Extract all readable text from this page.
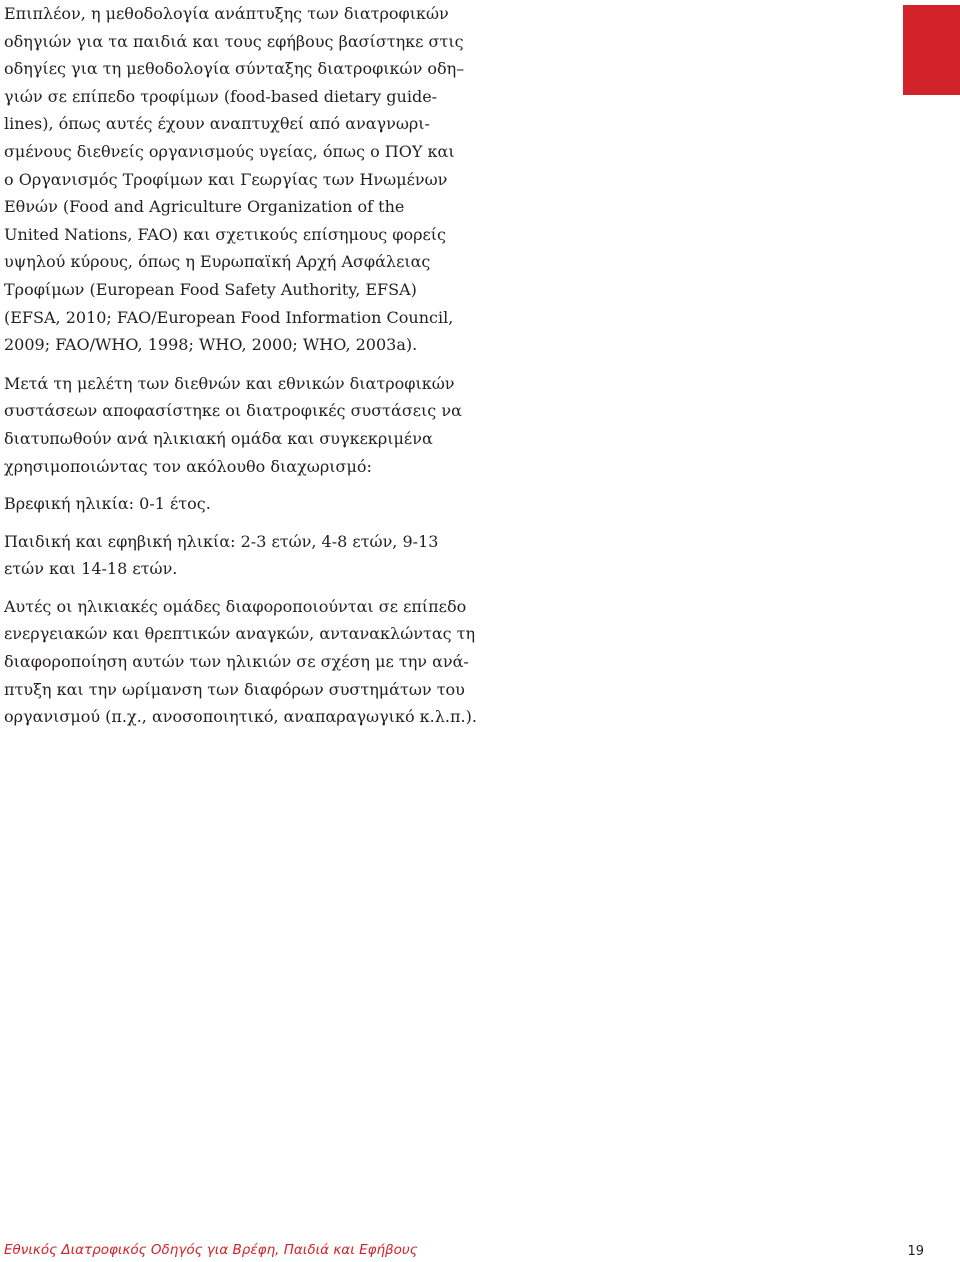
Επιπλέον, η μεθοδολογία ανάπτυξης των διατροφικών
οδηγιών για τα παιδιά και τους εφήβους βασίστηκε στις
οδηγίες για τη μεθοδολογία σύνταξης διατροφικών οδη–
γιών σε επίπεδο τροφίμων (food-based dietary guide-
lines), όπως αυτές έχουν αναπτυχθεί από αναγνωρι-
σμένους διεθνείς οργανισμούς υγείας, όπως ο ΠΟΥ και
ο Οργανισμός Τροφίμων και Γεωργίας των Ηνωμένων
Εθνών (Food and Agriculture Organization of the
United Nations, FAO) και σχετικούς επίσημους φορείς
υψηλού κύρους, όπως η Ευρωπαϊκή Αρχή Ασφάλειας
Τροφίμων (European Food Safety Authority, EFSA)
(EFSA, 2010; FAO/European Food Information Council,
2009; FAO/WHO, 1998; WHO, 2000; WHO, 2003a).
Μετά τη μελέτη των διεθνών και εθνικών διατροφικών
συστάσεων αποφασίστηκε οι διατροφικές συστάσεις να
διατυπωθούν ανά ηλικιακή ομάδα και συγκεκριμένα
χρησιμοποιώντας τον ακόλουθο διαχωρισμό:
Βρεφική ηλικία: 0-1 έτος.
Παιδική και εφηβική ηλικία: 2-3 ετών, 4-8 ετών, 9-13
ετών και 14-18 ετών.
Αυτές οι ηλικιακές ομάδες διαφοροποιούνται σε επίπεδο
ενεργειακών και θρεπτικών αναγκών, αντανακλώντας τη
διαφοροποίηση αυτών των ηλικιών σε σχέση με την ανά-
πτυξη και την ωρίμανση των διαφόρων συστημάτων του
οργανισμού (π.χ., ανοσοποιητικό, αναπαραγωγικό κ.λ.π.).
Εθνικός Διατροφικός Οδηγός για Βρέφη, Παιδιά και Εφήβους	19
